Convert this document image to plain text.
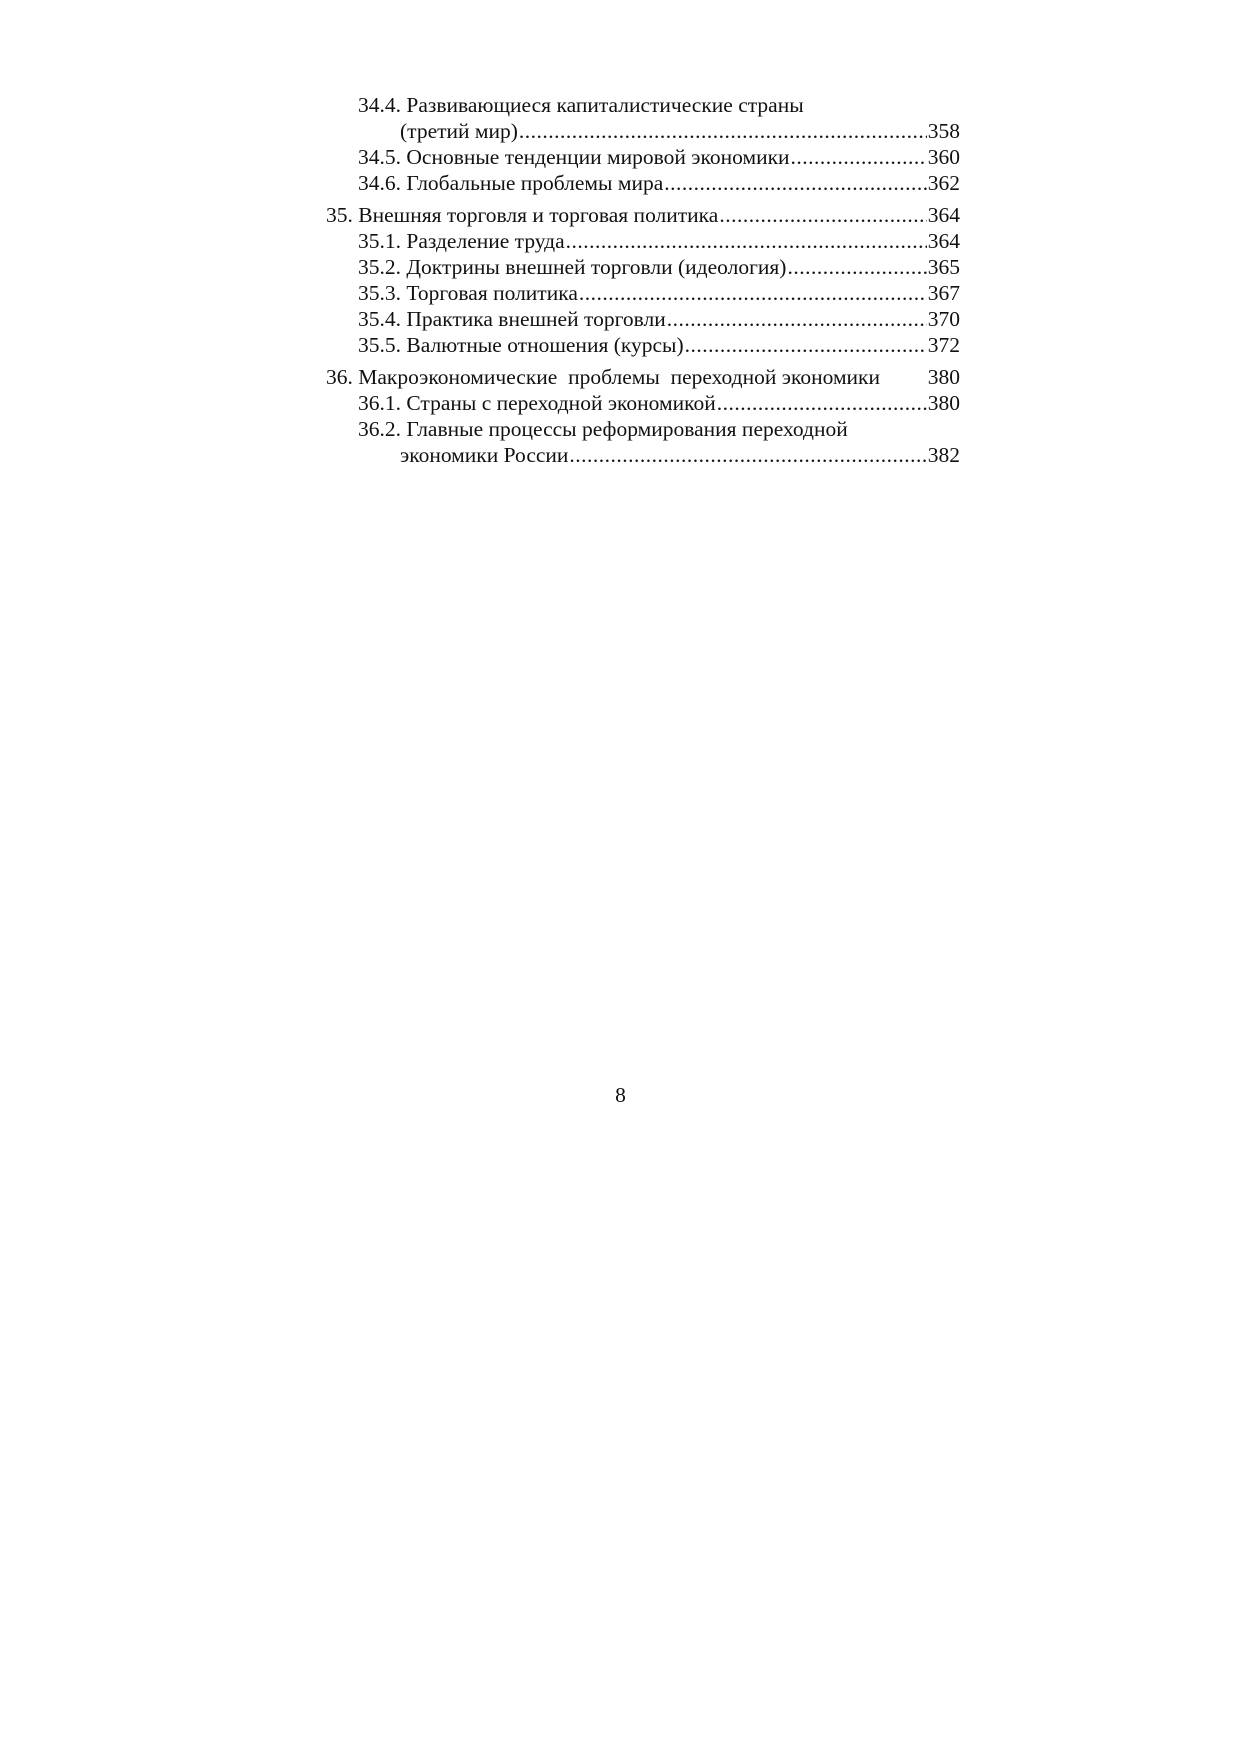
34.4. Развивающиеся капиталистические страны
(третий мир) .....	358
34.5. Основные тенденции мировой экономики .....	360
34.6. Глобальные проблемы мира .....	362
35. Внешняя торговля и торговая политика .....	364
35.1. Разделение труда .....	364
35.2. Доктрины внешней торговли (идеология) .....	365
35.3. Торговая политика .....	367
35.4. Практика внешней торговли .....	370
35.5. Валютные отношения (курсы) .....	372
36. Макроэкономические  проблемы  переходной экономики 380
36.1. Страны с переходной экономикой .....	380
36.2. Главные процессы реформирования переходной
экономики России .....	382
8
